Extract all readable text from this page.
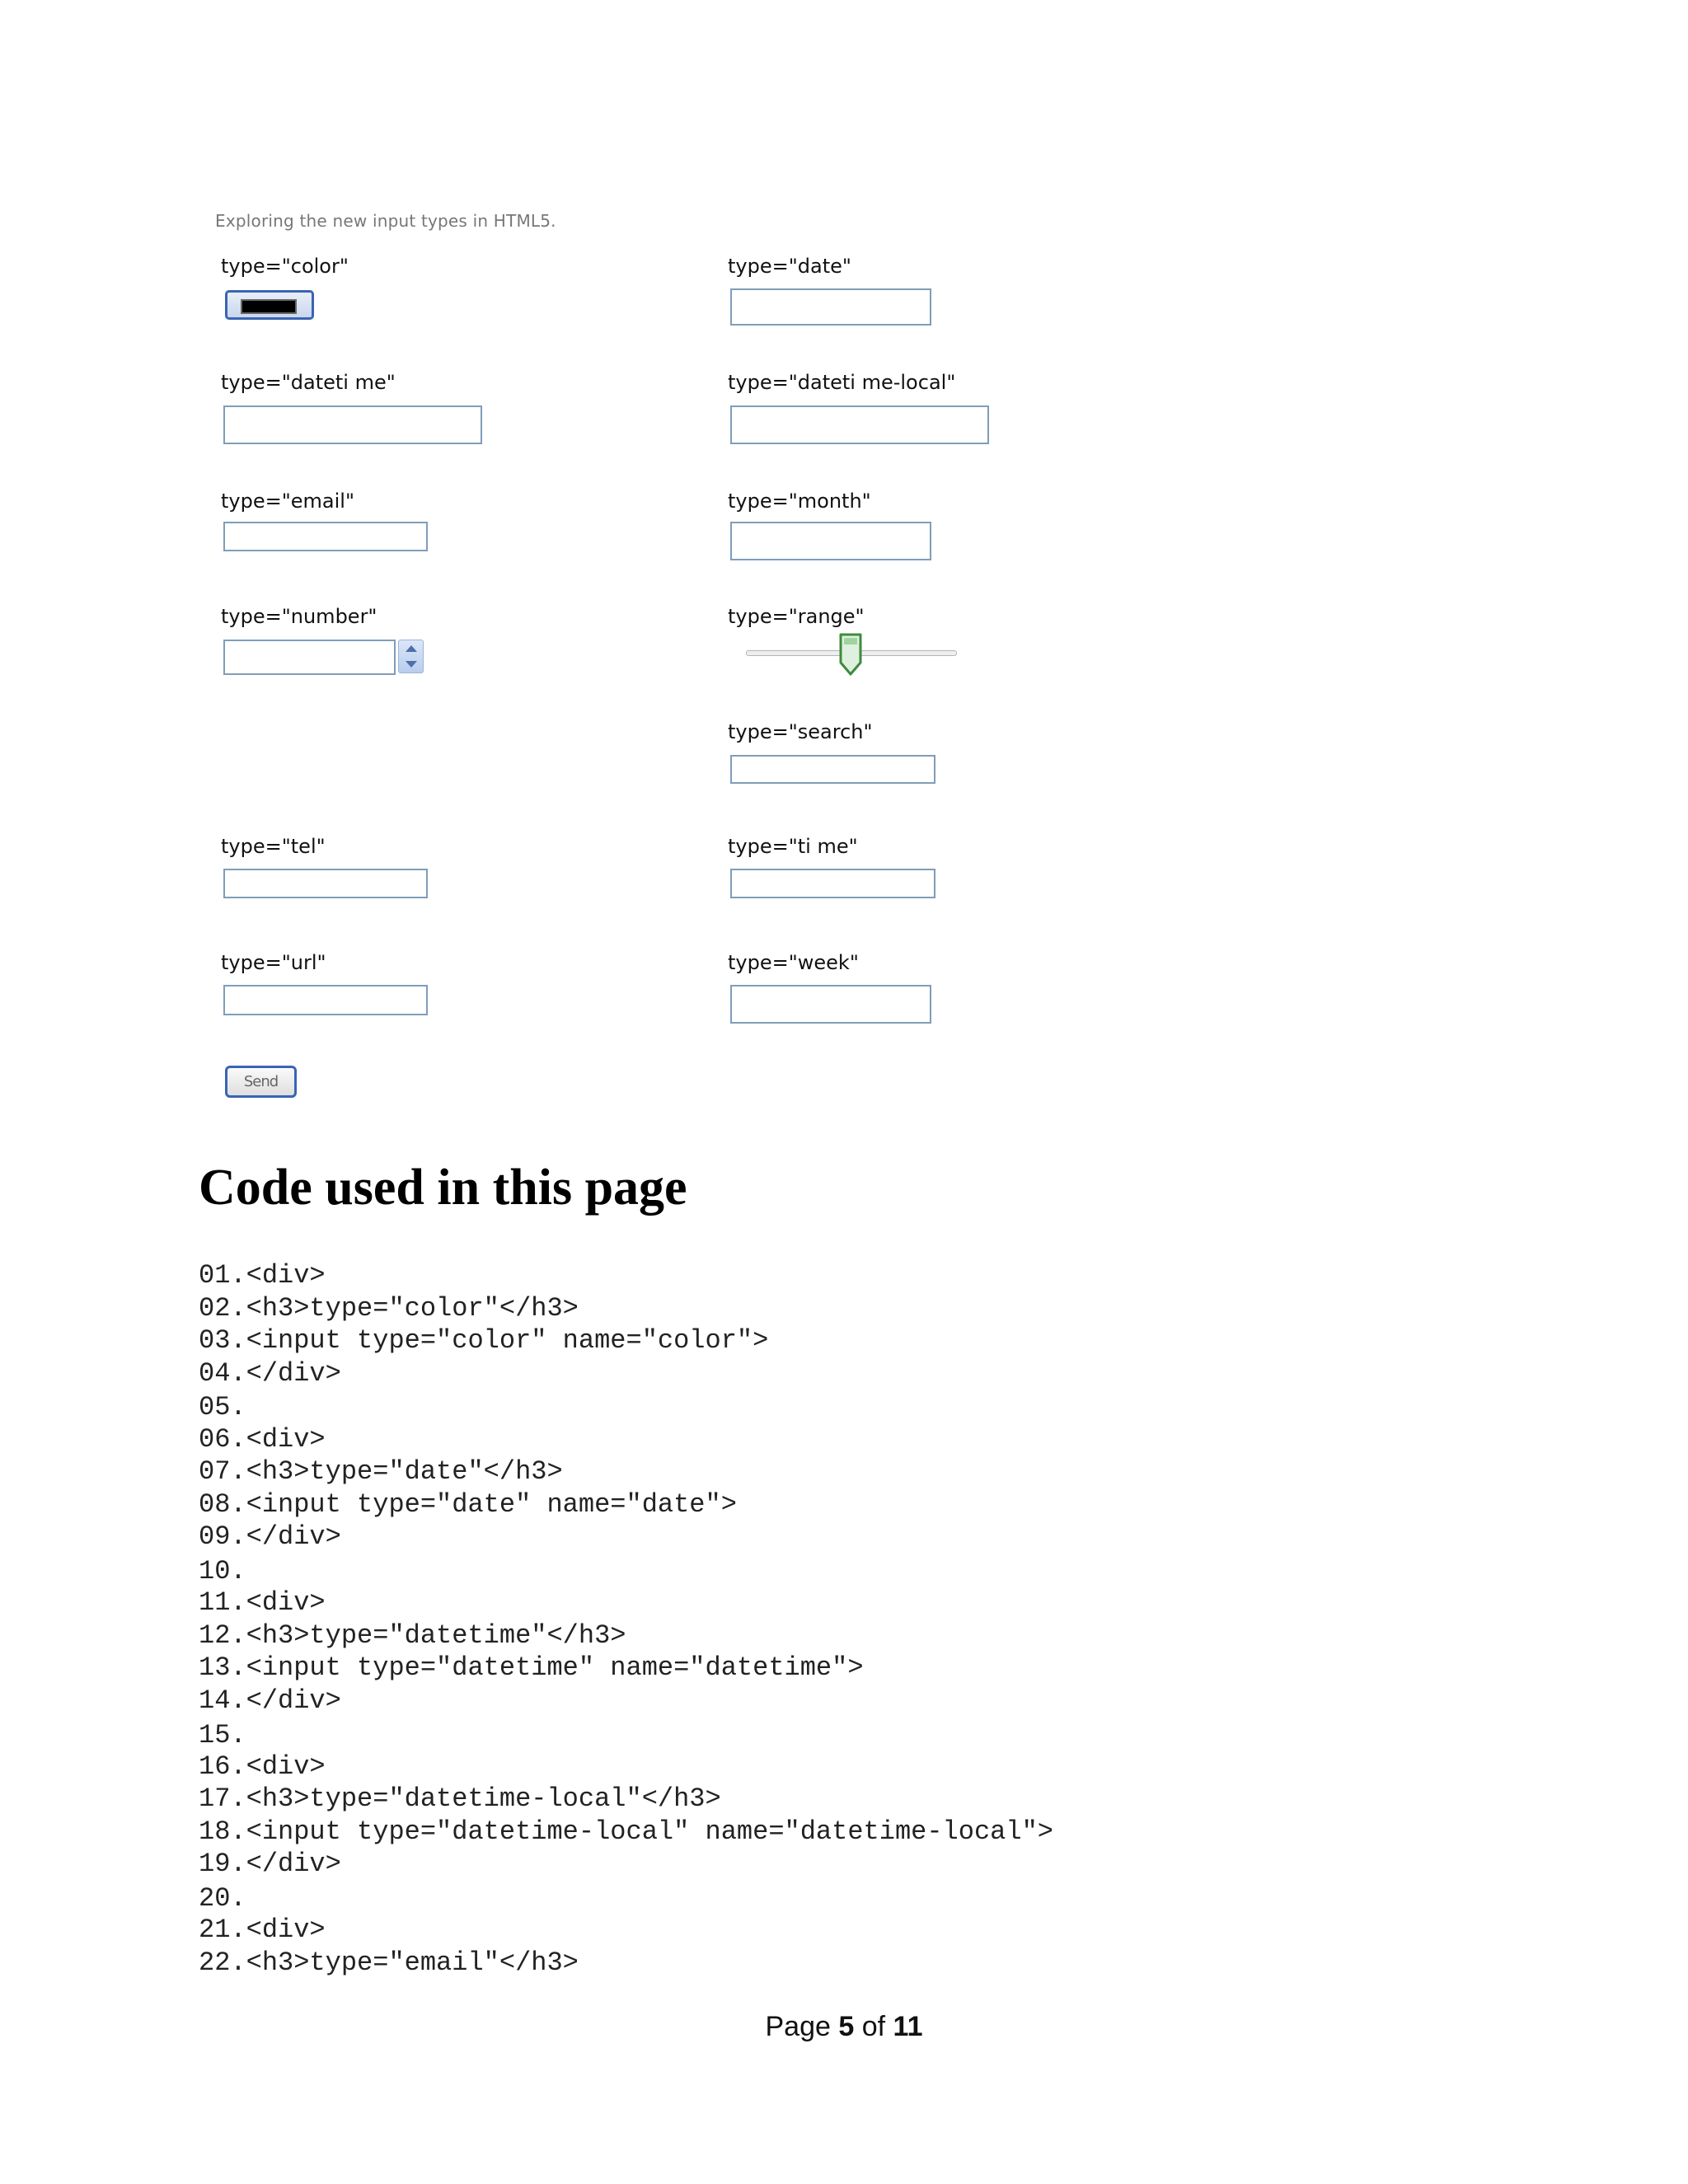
Exploring the new input types in HTML5.
type="color"
type="dateti me"
type="email"
type="number"
type="tel"
type="url"
Send
type="date"
type="dateti me-local"
type="month"
type="range"
type="search"
type="ti me"
type="week"
Code used in this page
01.<div>
02.<h3>type="color"</h3>
03.<input type="color" name="color">
04.</div>
05.
06.<div>
07.<h3>type="date"</h3>
08.<input type="date" name="date">
09.</div>
10.
11.<div>
12.<h3>type="datetime"</h3>
13.<input type="datetime" name="datetime">
14.</div>
15.
16.<div>
17.<h3>type="datetime-local"</h3>
18.<input type="datetime-local" name="datetime-local">
19.</div>
20.
21.<div>
22.<h3>type="email"</h3>
Page 5 of 11
